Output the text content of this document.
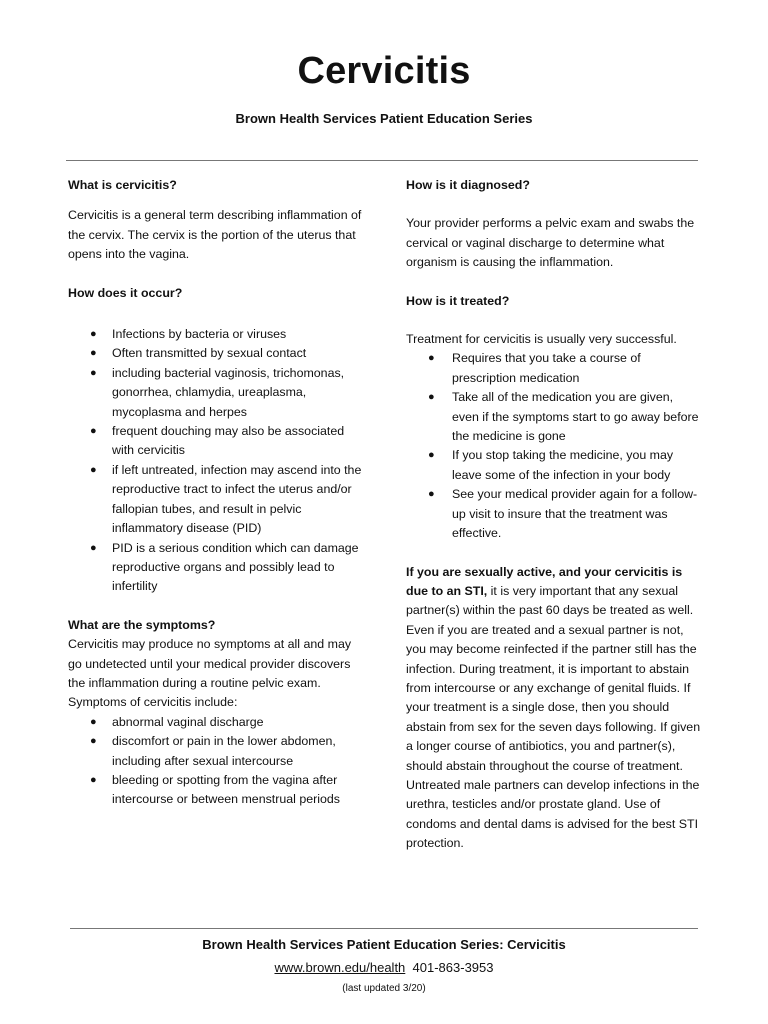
Cervicitis
Brown Health Services Patient Education Series
What is cervicitis?

Cervicitis is a general term describing inflammation of the cervix. The cervix is the portion of the uterus that opens into the vagina.

How does it occur?
● Infections by bacteria or viruses
● Often transmitted by sexual contact
● including bacterial vaginosis, trichomonas, gonorrhea, chlamydia, ureaplasma, mycoplasma and herpes
● frequent douching may also be associated with cervicitis
● if left untreated, infection may ascend into the reproductive tract to infect the uterus and/or fallopian tubes, and result in pelvic inflammatory disease (PID)
● PID is a serious condition which can damage reproductive organs and possibly lead to infertility
What are the symptoms?

Cervicitis may produce no symptoms at all and may go undetected until your medical provider discovers the inflammation during a routine pelvic exam. Symptoms of cervicitis include:

● abnormal vaginal discharge
● discomfort or pain in the lower abdomen, including after sexual intercourse
● bleeding or spotting from the vagina after intercourse or between menstrual periods
How is it diagnosed?

Your provider performs a pelvic exam and swabs the cervical or vaginal discharge to determine what organism is causing the inflammation.

How is it treated?

Treatment for cervicitis is usually very successful.

● Requires that you take a course of prescription medication
● Take all of the medication you are given, even if the symptoms start to go away before the medicine is gone
● If you stop taking the medicine, you may leave some of the infection in your body
● See your medical provider again for a follow- up visit to insure that the treatment was effective.

If you are sexually active, and your cervicitis is due to an STI, it is very important that any sexual partner(s) within the past 60 days be treated as well. Even if you are treated and a sexual partner is not, you may become reinfected if the partner still has the infection. During treatment, it is important to abstain from intercourse or any exchange of genital fluids. If your treatment is a single dose, then you should abstain from sex for the seven days following. If given a longer course of antibiotics, you and partner(s), should abstain throughout the course of treatment. Untreated male partners can develop infections in the urethra, testicles and/or prostate gland. Use of condoms and dental dams is advised for the best STI protection.

Brown Health Services Patient Education Series: Cervicitis
www.brown.edu/health 401-863-3953
(last updated 3/20)
